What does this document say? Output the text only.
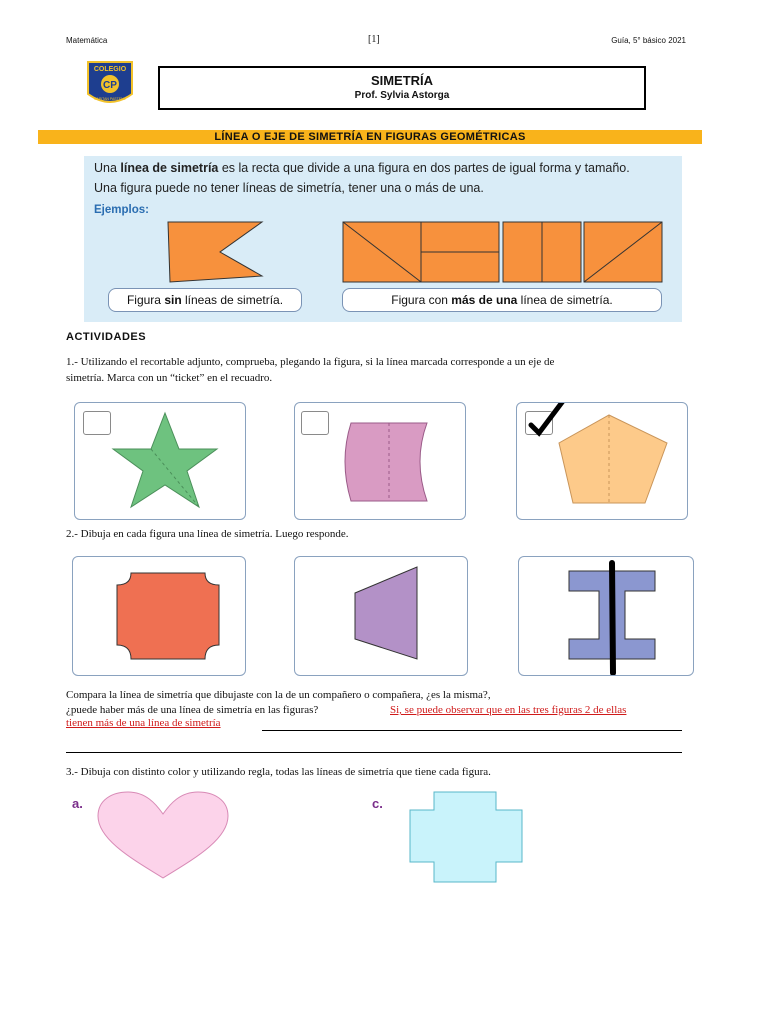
Matemática	[1]	Guía, 5° básico 2021
COLEGIO
CP
CAPITAN PASTENE
SIMETRÍA
Prof. Sylvia Astorga
LÍNEA O EJE DE SIMETRÍA EN FIGURAS GEOMÉTRICAS
Una línea de simetría es la recta que divide a una figura en dos partes de igual forma y tamaño.
Una figura puede no tener líneas de simetría, tener una o más de una.
Ejemplos:
Figura sin líneas de simetría.	Figura con más de una línea de simetría.
ACTIVIDADES
1.- Utilizando el recortable adjunto, comprueba, plegando la figura, si la línea marcada corresponde a un eje de
simetría. Marca con un “ticket” en el recuadro.
2.- Dibuja en cada figura una línea de simetría. Luego responde.
Compara la línea de simetría que dibujaste con la de un compañero o compañera, ¿es la misma?,
¿puede haber más de una línea de simetría en las figuras?	Si, se puede observar que en las tres figuras 2 de ellas
tienen más de una línea de simetría
3.- Dibuja con distinto color y utilizando regla, todas las líneas de simetría que tiene cada figura.
a.	c.
